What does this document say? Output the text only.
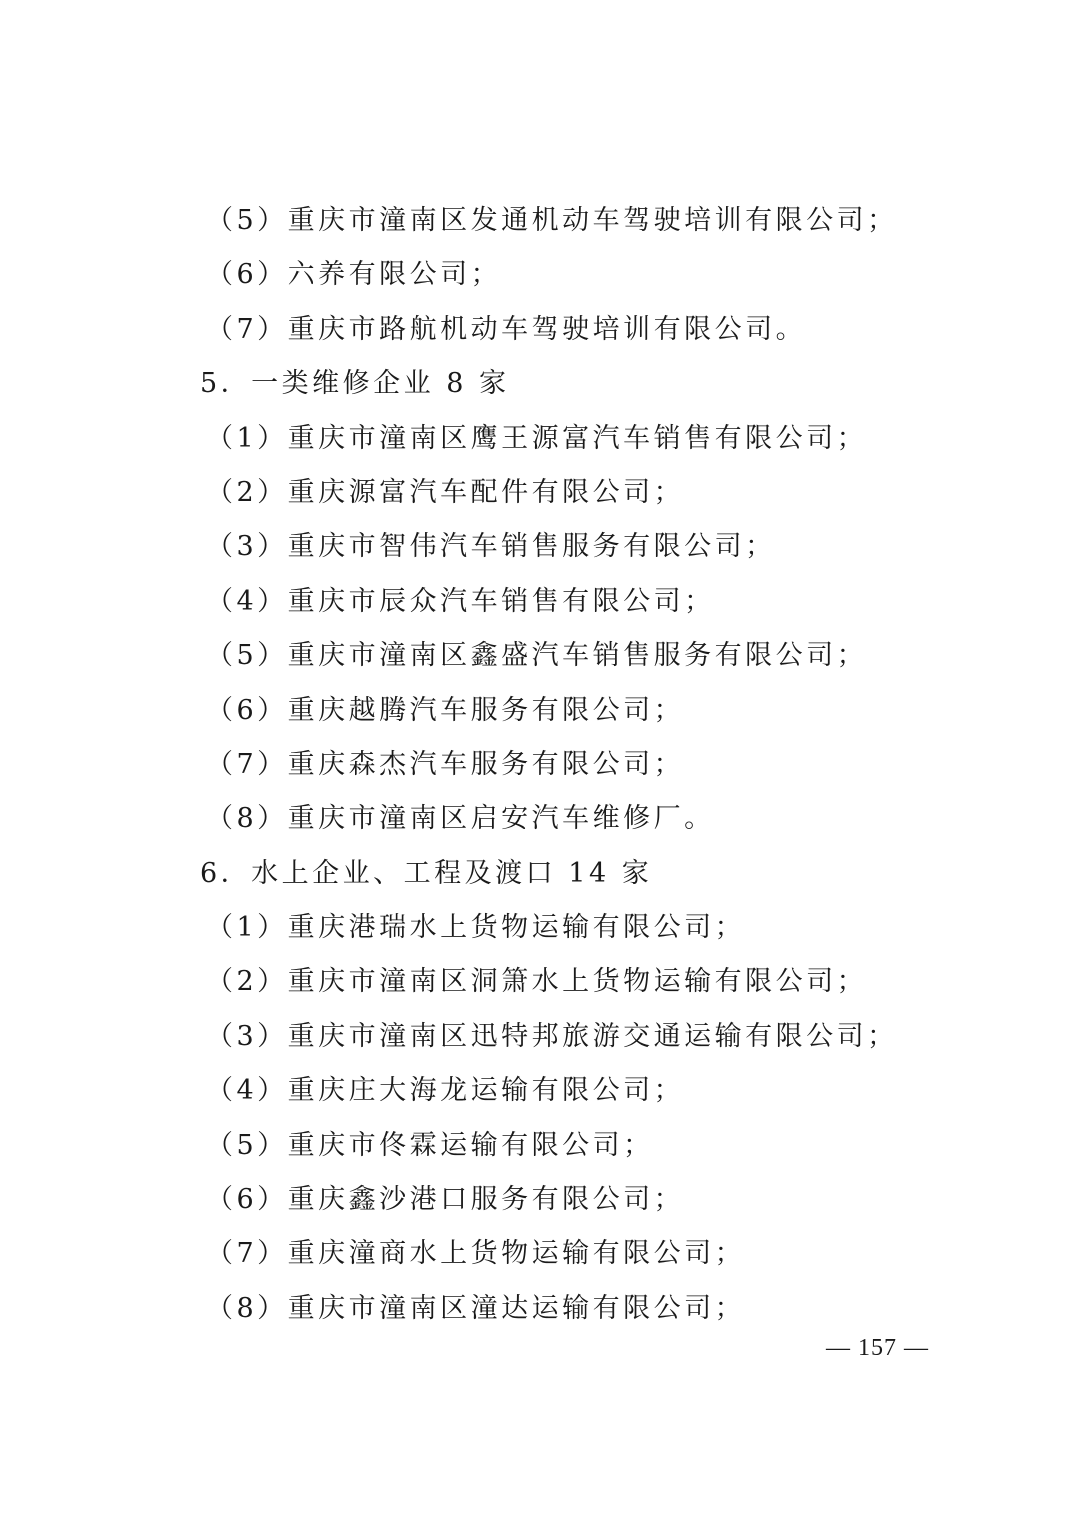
（5）重庆市潼南区发通机动车驾驶培训有限公司；
（6）六养有限公司；
（7）重庆市路航机动车驾驶培训有限公司。
5．一类维修企业 8 家
（1）重庆市潼南区鹰王源富汽车销售有限公司；
（2）重庆源富汽车配件有限公司；
（3）重庆市智伟汽车销售服务有限公司；
（4）重庆市辰众汽车销售有限公司；
（5）重庆市潼南区鑫盛汽车销售服务有限公司；
（6）重庆越腾汽车服务有限公司；
（7）重庆森杰汽车服务有限公司；
（8）重庆市潼南区启安汽车维修厂。
6．水上企业、工程及渡口 14 家
（1）重庆港瑞水上货物运输有限公司；
（2）重庆市潼南区洞箫水上货物运输有限公司；
（3）重庆市潼南区迅特邦旅游交通运输有限公司；
（4）重庆庄大海龙运输有限公司；
（5）重庆市佟霖运输有限公司；
（6）重庆鑫沙港口服务有限公司；
（7）重庆潼商水上货物运输有限公司；
（8）重庆市潼南区潼达运输有限公司；
— 157 —
